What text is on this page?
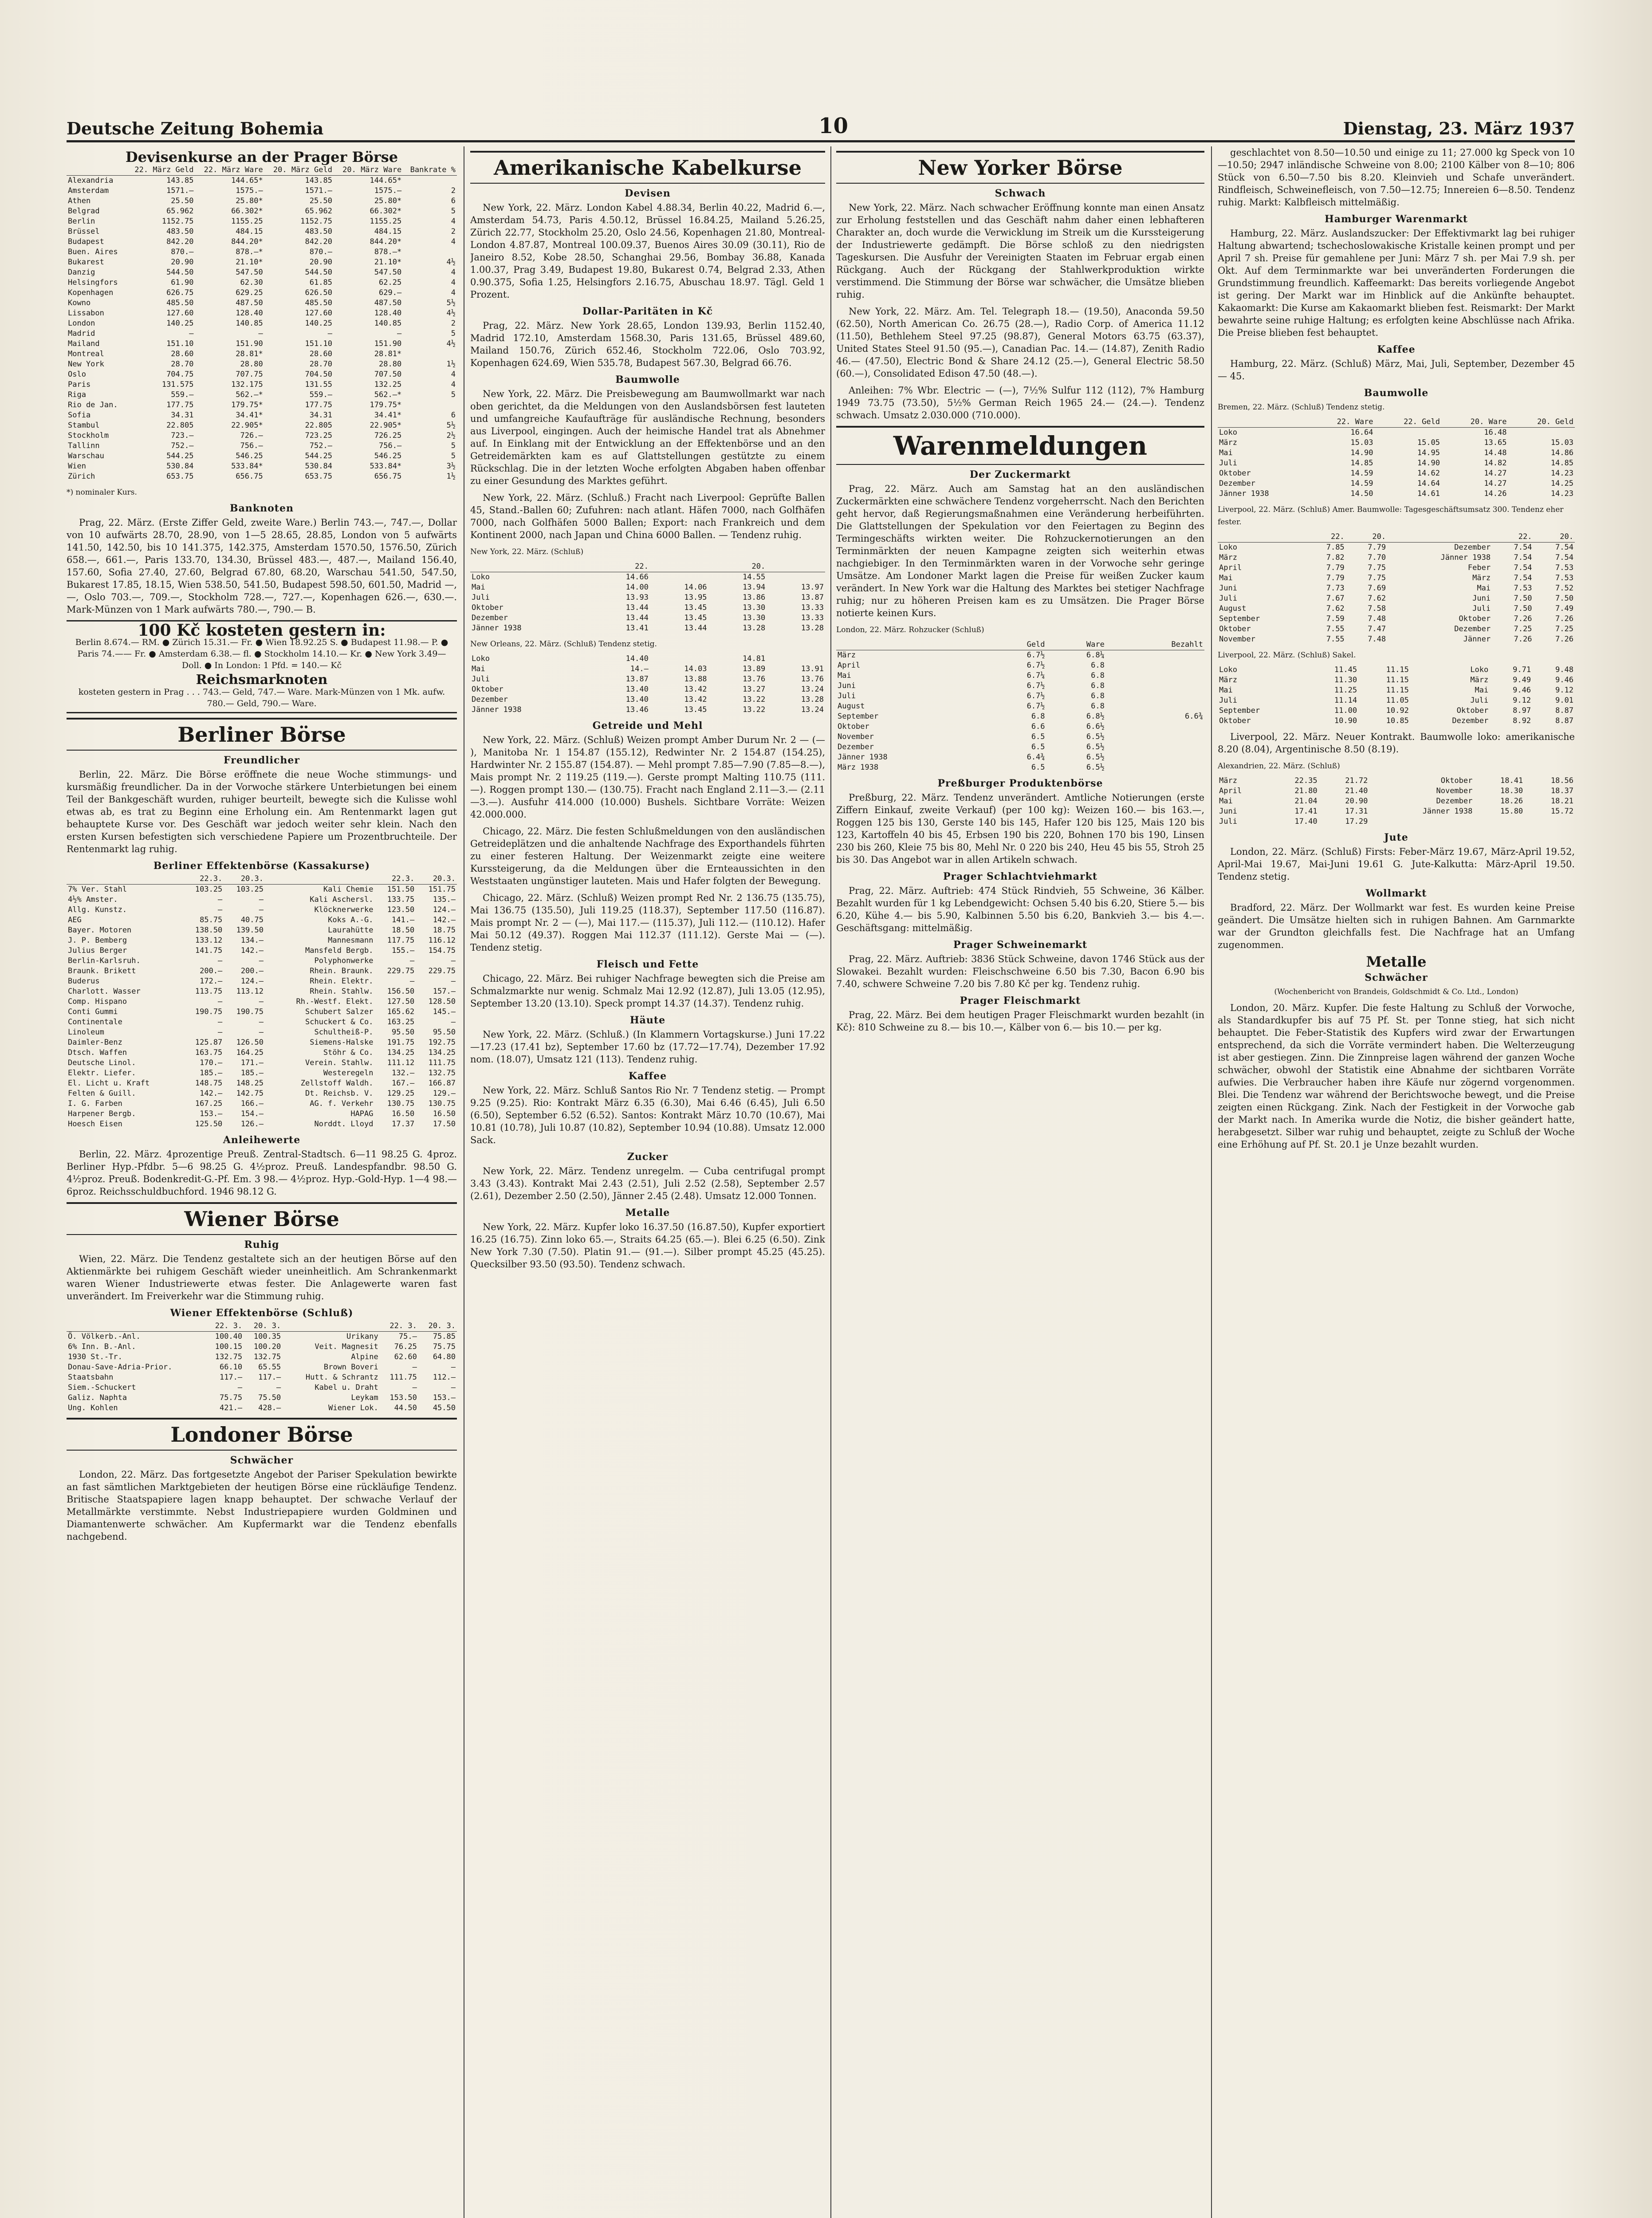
Deutsche Zeitung Bohemia	10	Dienstag, 23. März 1937
Devisenkurse an der Prager Börse
	22. März Geld	22. März Ware	20. März Geld	20. März Ware	Bankrate %
Alexandria	143.85	144.65*	143.85	144.65*	
Amsterdam	1571.—	1575.—	1571.—	1575.—	2
Athen	25.50	25.80*	25.50	25.80*	6
Belgrad	65.962	66.302*	65.962	66.302*	5
Berlin	1152.75	1155.25	1152.75	1155.25	4
Brüssel	483.50	484.15	483.50	484.15	2
Budapest	842.20	844.20*	842.20	844.20*	4
Buen. Aires	870.—	878.—*	870.—	878.—*	
Bukarest	20.90	21.10*	20.90	21.10*	4½
Danzig	544.50	547.50	544.50	547.50	4
Helsingfors	61.90	62.30	61.85	62.25	4
Kopenhagen	626.75	629.25	626.50	629.—	4
Kowno	485.50	487.50	485.50	487.50	5½
Lissabon	127.60	128.40	127.60	128.40	4½
London	140.25	140.85	140.25	140.85	2
Madrid	—	—	—	—	5
Mailand	151.10	151.90	151.10	151.90	4½
Montreal	28.60	28.81*	28.60	28.81*	
New York	28.70	28.80	28.70	28.80	1½
Oslo	704.75	707.75	704.50	707.50	4
Paris	131.575	132.175	131.55	132.25	4
Riga	559.—	562.—*	559.—	562.—*	5
Rio de Jan.	177.75	179.75*	177.75	179.75*	
Sofia	34.31	34.41*	34.31	34.41*	6
Stambul	22.805	22.905*	22.805	22.905*	5½
Stockholm	723.—	726.—	723.25	726.25	2½
Tallinn	752.—	756.—	752.—	756.—	5
Warschau	544.25	546.25	544.25	546.25	5
Wien	530.84	533.84*	530.84	533.84*	3½
Zürich	653.75	656.75	653.75	656.75	1½

*) nominaler Kurs.

Banknoten

Prag, 22. März. (Erste Ziffer Geld, zweite Ware.) Berlin 743.—, 747.—, Dollar von 10 aufwärts 28.70, 28.90, von 1—5 28.65, 28.85, London von 5 aufwärts 141.50, 142.50, bis 10 141.375, 142.375, Amsterdam 1570.50, 1576.50, Zürich 658.—, 661.—, Paris 133.70, 134.30, Brüssel 483.—, 487.—, Mailand 156.40, 157.60, Sofia 27.40, 27.60, Belgrad 67.80, 68.20, Warschau 541.50, 547.50, Bukarest 17.85, 18.15, Wien 538.50, 541.50, Budapest 598.50, 601.50, Madrid —, —, Oslo 703.—, 709.—, Stockholm 728.—, 727.—, Kopenhagen 626.—, 630.—. Mark-Münzen von 1 Mark aufwärts 780.—, 790.— B.

100 Kč kosteten gestern in:
Berlin 8.674.— RM. ● Zürich 15.31.— Fr. ● Wien 18.92.25 S. ● Budapest 11.98.— P. ● Paris 74.—— Fr. ● Amsterdam 6.38.— fl. ● Stockholm 14.10.— Kr. ● New York 3.49— Doll. ● In London: 1 Pfd. = 140.— Kč
Reichsmarknoten
kosteten gestern in Prag . . . 743.— Geld, 747.— Ware. Mark-Münzen von 1 Mk. aufw. 780.— Geld, 790.— Ware.
Berliner Börse
Freundlicher

Berlin, 22. März. Die Börse eröffnete die neue Woche stimmungs- und kursmäßig freundlicher. Da in der Vorwoche stärkere Unterbietungen bei einem Teil der Bankgeschäft wurden, ruhiger beurteilt, bewegte sich die Kulisse wohl etwas ab, es trat zu Beginn eine Erholung ein. Am Rentenmarkt lagen gut behauptete Kurse vor. Des Geschäft war jedoch weiter sehr klein. Nach den ersten Kursen befestigten sich verschiedene Papiere um Prozentbruchteile. Der Rentenmarkt lag ruhig.

Berliner Effektenbörse (Kassakurse)
	22.3.	20.3.		22.3.	20.3.
7% Ver. Stahl	103.25	103.25	Kali Chemie	151.50	151.75
4½% Amster.	—	—	Kali Aschersl.	133.75	135.—
Allg. Kunstz.	—	—	Klöcknerwerke	123.50	124.—
AEG	85.75	40.75	Koks A.-G.	141.—	142.—
Bayer. Motoren	138.50	139.50	Laurahütte	18.50	18.75
J. P. Bemberg	133.12	134.—	Mannesmann	117.75	116.12
Julius Berger	141.75	142.—	Mansfeld Bergb.	155.—	154.75
Berlin-Karlsruh.	—	—	Polyphonwerke	—	—
Braunk. Brikett	200.—	200.—	Rhein. Braunk.	229.75	229.75
Buderus	172.—	124.—	Rhein. Elektr.	—	—
Charlott. Wasser	113.75	113.12	Rhein. Stahlw.	156.50	157.—
Comp. Hispano	—	—	Rh.-Westf. Elekt.	127.50	128.50
Conti Gummi	190.75	190.75	Schubert Salzer	165.62	145.—
Continentale	—	—	Schuckert & Co.	163.25	—
Linoleum	—	—	Schultheiß-P.	95.50	95.50
Daimler-Benz	125.87	126.50	Siemens-Halske	191.75	192.75
Dtsch. Waffen	163.75	164.25	Stöhr & Co.	134.25	134.25
Deutsche Linol.	170.—	171.—	Verein. Stahlw.	111.12	111.75
Elektr. Liefer.	185.—	185.—	Westeregeln	132.—	132.75
El. Licht u. Kraft	148.75	148.25	Zellstoff Waldh.	167.—	166.87
Felten & Guill.	142.—	142.75	Dt. Reichsb. V.	129.25	129.—
I. G. Farben	167.25	166.—	AG. f. Verkehr	130.75	130.75
Harpener Bergb.	153.—	154.—	HAPAG	16.50	16.50
Hoesch Eisen	125.50	126.—	Norddt. Lloyd	17.37	17.50
Anleihewerte

Berlin, 22. März. 4prozentige Preuß. Zentral-Stadtsch. 6—11 98.25 G. 4proz. Berliner Hyp.-Pfdbr. 5—6 98.25 G. 4½proz. Preuß. Landespfandbr. 98.50 G. 4½proz. Preuß. Bodenkredit-G.-Pf. Em. 3 98.— 4½proz. Hyp.-Gold-Hyp. 1—4 98.— 6proz. Reichsschuldbuchford. 1946 98.12 G.

Wiener Börse
Ruhig

Wien, 22. März. Die Tendenz gestaltete sich an der heutigen Börse auf den Aktienmärkte bei ruhigem Geschäft wieder uneinheitlich. Am Schrankenmarkt waren Wiener Industriewerte etwas fester. Die Anlagewerte waren fast unverändert. Im Freiverkehr war die Stimmung ruhig.

Wiener Effektenbörse (Schluß)
	22. 3.	20. 3.		22. 3.	20. 3.
Ö. Völkerb.-Anl.	100.40	100.35	Urikany	75.—	75.85
6% Inn. B.-Anl.	100.15	100.20	Veit. Magnesit	76.25	75.75
1930 St.-Tr.	132.75	132.75	Alpine	62.60	64.80
Donau-Save-Adria-Prior.	66.10	65.55	Brown Boveri	—	—
Staatsbahn	117.—	117.—	Hutt. & Schrantz	111.75	112.—
Siem.-Schuckert	—	—	Kabel u. Draht	—	—
Galiz. Naphta	75.75	75.50	Leykam	153.50	153.—
Ung. Kohlen	421.—	428.—	Wiener Lok.	44.50	45.50
Londoner Börse
Schwächer

London, 22. März. Das fortgesetzte Angebot der Pariser Spekulation bewirkte an fast sämtlichen Marktgebieten der heutigen Börse eine rückläufige Tendenz. Britische Staatspapiere lagen knapp behauptet. Der schwache Verlauf der Metallmärkte verstimmte. Nebst Industriepapiere wurden Goldminen und Diamantenwerte schwächer. Am Kupfermarkt war die Tendenz ebenfalls nachgebend.

Amerikanische Kabelkurse
Devisen

New York, 22. März. London Kabel 4.88.34, Berlin 40.22, Madrid 6.—, Amsterdam 54.73, Paris 4.50.12, Brüssel 16.84.25, Mailand 5.26.25, Zürich 22.77, Stockholm 25.20, Oslo 24.56, Kopenhagen 21.80, Montreal-London 4.87.87, Montreal 100.09.37, Buenos Aires 30.09 (30.11), Rio de Janeiro 8.52, Kobe 28.50, Schanghai 29.56, Bombay 36.88, Kanada 1.00.37, Prag 3.49, Budapest 19.80, Bukarest 0.74, Belgrad 2.33, Athen 0.90.375, Sofia 1.25, Helsingfors 2.16.75, Abuschau 18.97. Tägl. Geld 1 Prozent.

Dollar-Paritäten in Kč

Prag, 22. März. New York 28.65, London 139.93, Berlin 1152.40, Madrid 172.10, Amsterdam 1568.30, Paris 131.65, Brüssel 489.60, Mailand 150.76, Zürich 652.46, Stockholm 722.06, Oslo 703.92, Kopenhagen 624.69, Wien 535.78, Budapest 567.30, Belgrad 66.76.

Baumwolle

New York, 22. März. Die Preisbewegung am Baumwollmarkt war nach oben gerichtet, da die Meldungen von den Auslandsbörsen fest lauteten und umfangreiche Kaufaufträge für ausländische Rechnung, besonders aus Liverpool, eingingen. Auch der heimische Handel trat als Abnehmer auf. In Einklang mit der Entwicklung an der Effektenbörse und an den Getreidemärkten kam es auf Glattstellungen gestützte zu einem Rückschlag. Die in der letzten Woche erfolgten Abgaben haben offenbar zu einer Gesundung des Marktes geführt.

New York, 22. März. (Schluß.) Fracht nach Liverpool: Geprüfte Ballen 45, Stand.-Ballen 60; Zufuhren: nach atlant. Häfen 7000, nach Golfhäfen 7000, nach Golfhäfen 5000 Ballen; Export: nach Frankreich und dem Kontinent 2000, nach Japan und China 6000 Ballen. — Tendenz ruhig.

New York, 22. März. (Schluß)

	22.		20.	
Loko	14.66		14.55	
Mai	14.00	14.06	13.94	13.97
Juli	13.93	13.95	13.86	13.87
Oktober	13.44	13.45	13.30	13.33
Dezember	13.44	13.45	13.30	13.33
Jänner 1938	13.41	13.44	13.28	13.28

New Orleans, 22. März. (Schluß) Tendenz stetig.

Loko	14.40		14.81	
Mai	14.—	14.03	13.89	13.91
Juli	13.87	13.88	13.76	13.76
Oktober	13.40	13.42	13.27	13.24
Dezember	13.40	13.42	13.22	13.28
Jänner 1938	13.46	13.45	13.22	13.24
Getreide und Mehl

New York, 22. März. (Schluß) Weizen prompt Amber Durum Nr. 2 — (— ), Manitoba Nr. 1 154.87 (155.12), Redwinter Nr. 2 154.87 (154.25), Hardwinter Nr. 2 155.87 (154.87). — Mehl prompt 7.85—7.90 (7.85—8.—), Mais prompt Nr. 2 119.25 (119.—). Gerste prompt Malting 110.75 (111.—). Roggen prompt 130.— (130.75). Fracht nach England 2.11—3.— (2.11—3.—). Ausfuhr 414.000 (10.000) Bushels. Sichtbare Vorräte: Weizen 42.000.000.

Chicago, 22. März. Die festen Schlußmeldungen von den ausländischen Getreideplätzen und die anhaltende Nachfrage des Exporthandels führten zu einer festeren Haltung. Der Weizenmarkt zeigte eine weitere Kurssteigerung, da die Meldungen über die Ernteaussichten in den Weststaaten ungünstiger lauteten. Mais und Hafer folgten der Bewegung.

Chicago, 22. März. (Schluß) Weizen prompt Red Nr. 2 136.75 (135.75), Mai 136.75 (135.50), Juli 119.25 (118.37), September 117.50 (116.87). Mais prompt Nr. 2 — (—), Mai 117.— (115.37), Juli 112.— (110.12). Hafer Mai 50.12 (49.37). Roggen Mai 112.37 (111.12). Gerste Mai — (—). Tendenz stetig.

Fleisch und Fette

Chicago, 22. März. Bei ruhiger Nachfrage bewegten sich die Preise am Schmalzmarkte nur wenig. Schmalz Mai 12.92 (12.87), Juli 13.05 (12.95), September 13.20 (13.10). Speck prompt 14.37 (14.37). Tendenz ruhig.

Häute

New York, 22. März. (Schluß.) (In Klammern Vortagskurse.) Juni 17.22—17.23 (17.41 bz), September 17.60 bz (17.72—17.74), Dezember 17.92 nom. (18.07), Umsatz 121 (113). Tendenz ruhig.

Kaffee

New York, 22. März. Schluß Santos Rio Nr. 7 Tendenz stetig. — Prompt 9.25 (9.25). Rio: Kontrakt März 6.35 (6.30), Mai 6.46 (6.45), Juli 6.50 (6.50), September 6.52 (6.52). Santos: Kontrakt März 10.70 (10.67), Mai 10.81 (10.78), Juli 10.87 (10.82), September 10.94 (10.88). Umsatz 12.000 Sack.

Zucker

New York, 22. März. Tendenz unregelm. — Cuba centrifugal prompt 3.43 (3.43). Kontrakt Mai 2.43 (2.51), Juli 2.52 (2.58), September 2.57 (2.61), Dezember 2.50 (2.50), Jänner 2.45 (2.48). Umsatz 12.000 Tonnen.

Metalle

New York, 22. März. Kupfer loko 16.37.50 (16.87.50), Kupfer exportiert 16.25 (16.75). Zinn loko 65.—, Straits 64.25 (65.—). Blei 6.25 (6.50). Zink New York 7.30 (7.50). Platin 91.— (91.—). Silber prompt 45.25 (45.25). Quecksilber 93.50 (93.50). Tendenz schwach.

New Yorker Börse
Schwach

New York, 22. März. Nach schwacher Eröffnung konnte man einen Ansatz zur Erholung feststellen und das Geschäft nahm daher einen lebhafteren Charakter an, doch wurde die Verwicklung im Streik um die Kurssteigerung der Industriewerte gedämpft. Die Börse schloß zu den niedrigsten Tageskursen. Die Ausfuhr der Vereinigten Staaten im Februar ergab einen Rückgang. Auch der Rückgang der Stahlwerkproduktion wirkte verstimmend. Die Stimmung der Börse war schwächer, die Umsätze blieben ruhig.

New York, 22. März. Am. Tel. Telegraph 18.— (19.50), Anaconda 59.50 (62.50), North American Co. 26.75 (28.—), Radio Corp. of America 11.12 (11.50), Bethlehem Steel 97.25 (98.87), General Motors 63.75 (63.37), United States Steel 91.50 (95.—), Canadian Pac. 14.— (14.87), Zenith Radio 46.— (47.50), Electric Bond & Share 24.12 (25.—), General Electric 58.50 (60.—), Consolidated Edison 47.50 (48.—).

Anleihen: 7% Wbr. Electric — (—), 7½% Sulfur 112 (112), 7% Hamburg 1949 73.75 (73.50), 5½% German Reich 1965 24.— (24.—). Tendenz schwach. Umsatz 2.030.000 (710.000).

Warenmeldungen
Der Zuckermarkt

Prag, 22. März. Auch am Samstag hat an den ausländischen Zuckermärkten eine schwächere Tendenz vorgeherrscht. Nach den Berichten geht hervor, daß Regierungsmaßnahmen eine Veränderung herbeiführten. Die Glattstellungen der Spekulation vor den Feiertagen zu Beginn des Termingeschäfts wirkten weiter. Die Rohzuckernotierungen an den Terminmärkten der neuen Kampagne zeigten sich weiterhin etwas nachgiebiger. In den Terminmärkten waren in der Vorwoche sehr geringe Umsätze. Am Londoner Markt lagen die Preise für weißen Zucker kaum verändert. In New York war die Haltung des Marktes bei stetiger Nachfrage ruhig; nur zu höheren Preisen kam es zu Umsätzen. Die Prager Börse notierte keinen Kurs.

London, 22. März. Rohzucker (Schluß)

	Geld	Ware	Bezahlt
März	6.7½	6.8¼	
April	6.7½	6.8	
Mai	6.7¼	6.8	
Juni	6.7½	6.8	
Juli	6.7½	6.8	
August	6.7½	6.8	
September	6.8	6.8½	6.6¾
Oktober	6.6	6.6½	
November	6.5	6.5½	
Dezember	6.5	6.5½	
Jänner 1938	6.4¾	6.5½	
März 1938	6.5	6.5½	
Preßburger Produktenbörse

Preßburg, 22. März. Tendenz unverändert. Amtliche Notierungen (erste Ziffern Einkauf, zweite Verkauf) (per 100 kg): Weizen 160.— bis 163.—, Roggen 125 bis 130, Gerste 140 bis 145, Hafer 120 bis 125, Mais 120 bis 123, Kartoffeln 40 bis 45, Erbsen 190 bis 220, Bohnen 170 bis 190, Linsen 230 bis 260, Kleie 75 bis 80, Mehl Nr. 0 220 bis 240, Heu 45 bis 55, Stroh 25 bis 30. Das Angebot war in allen Artikeln schwach.

Prager Schlachtviehmarkt

Prag, 22. März. Auftrieb: 474 Stück Rindvieh, 55 Schweine, 36 Kälber. Bezahlt wurden für 1 kg Lebendgewicht: Ochsen 5.40 bis 6.20, Stiere 5.— bis 6.20, Kühe 4.— bis 5.90, Kalbinnen 5.50 bis 6.20, Bankvieh 3.— bis 4.—. Geschäftsgang: mittelmäßig.

Prager Schweinemarkt

Prag, 22. März. Auftrieb: 3836 Stück Schweine, davon 1746 Stück aus der Slowakei. Bezahlt wurden: Fleischschweine 6.50 bis 7.30, Bacon 6.90 bis 7.40, schwere Schweine 7.20 bis 7.80 Kč per kg. Tendenz ruhig.

Prager Fleischmarkt

Prag, 22. März. Bei dem heutigen Prager Fleischmarkt wurden bezahlt (in Kč): 810 Schweine zu 8.— bis 10.—, Kälber von 6.— bis 10.— per kg.

geschlachtet von 8.50—10.50 und einige zu 11; 27.000 kg Speck von 10—10.50; 2947 inländische Schweine von 8.00; 2100 Kälber von 8—10; 806 Stück von 6.50—7.50 bis 8.20. Kleinvieh und Schafe unverändert. Rindfleisch, Schweinefleisch, von 7.50—12.75; Innereien 6—8.50. Tendenz ruhig. Markt: Kalbfleisch mittelmäßig.

Hamburger Warenmarkt

Hamburg, 22. März. Auslandszucker: Der Effektivmarkt lag bei ruhiger Haltung abwartend; tschechoslowakische Kristalle keinen prompt und per April 7 sh. Preise für gemahlene per Juni: März 7 sh. per Mai 7.9 sh. per Okt. Auf dem Terminmarkte war bei unveränderten Forderungen die Grundstimmung freundlich. Kaffeemarkt: Das bereits vorliegende Angebot ist gering. Der Markt war im Hinblick auf die Ankünfte behauptet. Kakaomarkt: Die Kurse am Kakaomarkt blieben fest. Reismarkt: Der Markt bewahrte seine ruhige Haltung; es erfolgten keine Abschlüsse nach Afrika. Die Preise blieben fest behauptet.

Kaffee

Hamburg, 22. März. (Schluß) März, Mai, Juli, September, Dezember 45 — 45.

Baumwolle

Bremen, 22. März. (Schluß) Tendenz stetig.

	22. Ware	22. Geld	20. Ware	20. Geld
Loko	16.64		16.48	
März	15.03	15.05	13.65	15.03
Mai	14.90	14.95	14.48	14.86
Juli	14.85	14.90	14.82	14.85
Oktober	14.59	14.62	14.27	14.23
Dezember	14.59	14.64	14.27	14.25
Jänner 1938	14.50	14.61	14.26	14.23

Liverpool, 22. März. (Schluß) Amer. Baumwolle: Tagesgeschäftsumsatz 300. Tendenz eher fester.

	22.	20.		22.	20.
Loko	7.85	7.79	Dezember	7.54	7.54
März	7.82	7.70	Jänner 1938	7.54	7.54
April	7.79	7.75	Feber	7.54	7.53
Mai	7.79	7.75	März	7.54	7.53
Juni	7.73	7.69	Mai	7.53	7.52
Juli	7.67	7.62	Juni	7.50	7.50
August	7.62	7.58	Juli	7.50	7.49
September	7.59	7.48	Oktober	7.26	7.26
Oktober	7.55	7.47	Dezember	7.25	7.25
November	7.55	7.48	Jänner	7.26	7.26

Liverpool, 22. März. (Schluß) Sakel.

Loko	11.45	11.15	Loko	9.71	9.48
März	11.30	11.15	März	9.49	9.46
Mai	11.25	11.15	Mai	9.46	9.12
Juli	11.14	11.05	Juli	9.12	9.01
September	11.00	10.92	Oktober	8.97	8.87
Oktober	10.90	10.85	Dezember	8.92	8.87

Liverpool, 22. März. Neuer Kontrakt. Baumwolle loko: amerikanische 8.20 (8.04), Argentinische 8.50 (8.19).

Alexandrien, 22. März. (Schluß)

März	22.35	21.72	Oktober	18.41	18.56
April	21.80	21.40	November	18.30	18.37
Mai	21.04	20.90	Dezember	18.26	18.21
Juni	17.41	17.31	Jänner 1938	15.80	15.72
Juli	17.40	17.29			
Jute

London, 22. März. (Schluß) Firsts: Feber-März 19.67, März-April 19.52, April-Mai 19.67, Mai-Juni 19.61 G. Jute-Kalkutta: März-April 19.50. Tendenz stetig.

Wollmarkt

Bradford, 22. März. Der Wollmarkt war fest. Es wurden keine Preise geändert. Die Umsätze hielten sich in ruhigen Bahnen. Am Garnmarkte war der Grundton gleichfalls fest. Die Nachfrage hat an Umfang zugenommen.

Metalle
Schwächer

(Wochenbericht von Brandeis, Goldschmidt & Co. Ltd., London)

London, 20. März. Kupfer. Die feste Haltung zu Schluß der Vorwoche, als Standardkupfer bis auf 75 Pf. St. per Tonne stieg, hat sich nicht behauptet. Die Feber-Statistik des Kupfers wird zwar der Erwartungen entsprechend, da sich die Vorräte vermindert haben. Die Welterzeugung ist aber gestiegen. Zinn. Die Zinnpreise lagen während der ganzen Woche schwächer, obwohl der Statistik eine Abnahme der sichtbaren Vorräte aufwies. Die Verbraucher haben ihre Käufe nur zögernd vorgenommen. Blei. Die Tendenz war während der Berichtswoche bewegt, und die Preise zeigten einen Rückgang. Zink. Nach der Festigkeit in der Vorwoche gab der Markt nach. In Amerika wurde die Notiz, die bisher geändert hatte, herabgesetzt. Silber war ruhig und behauptet, zeigte zu Schluß der Woche eine Erhöhung auf Pf. St. 20.1 je Unze bezahlt wurden.
